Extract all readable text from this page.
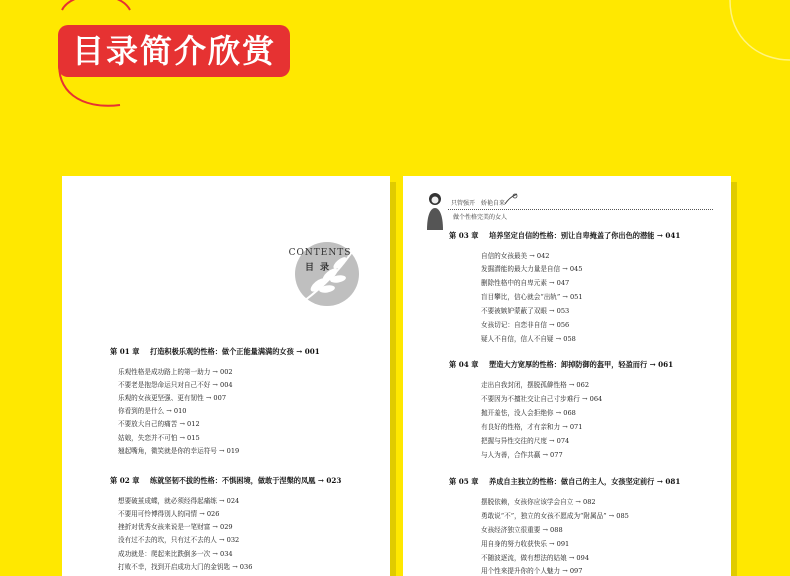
目录简介欣赏
CONTENTS
目录
第 01 章 打造积极乐观的性格：做个正能量满满的女孩 → 001
乐观性格是成功路上的第一助力 → 002
不要老是抱怨命运只对自己不好 → 004
乐观的女孩更坚强、更有韧性 → 007
你看到的是什么 → 010
不要放大自己的痛苦 → 012
姑娘，失恋并不可怕 → 015
翘起嘴角，微笑就是你的幸运符号 → 019
第 02 章 练就坚韧不拔的性格：不惧困境，做敢于涅槃的凤凰 → 023
想要破茧成蝶，就必须经得起痛练 → 024
不要用可怜博得别人的同情 → 026
挫折对优秀女孩来说是一笔财富 → 029
没有过不去的坎，只有过不去的人 → 032
成功就是：爬起来比跌倒多一次 → 034
打败不幸，找到开启成功大门的金钥匙 → 036
只管强开　娇艳自来
做个性格完美的女人
第 03 章 培养坚定自信的性格：别让自卑掩盖了你出色的潜能 → 041
自信的女孩最美 → 042
发掘潜能的最大力量是自信 → 045
删除性格中的自卑元素 → 047
盲目攀比，信心就会“出轨” → 051
不要被嫉妒蒙蔽了双眼 → 053
女孩切记：自恋非自信 → 056
疑人不自信，信人不自疑 → 058
第 04 章 塑造大方宽厚的性格：卸掉防御的盔甲，轻盈而行 → 061
走出自我封闭，摆脱孤僻性格 → 062
不要因为不擅社交让自己寸步难行 → 064
抛开羞怯，没人会拒绝你 → 068
有良好的性格，才有亲和力 → 071
把握与异性交往的尺度 → 074
与人为善，合作共赢 → 077
第 05 章 养成自主独立的性格：做自己的主人，女孩坚定前行 → 081
摆脱依赖，女孩你应该学会自立 → 082
勇敢说“不”，独立的女孩不愿成为“附属品” → 085
女孩经济独立很重要 → 088
用自身的努力收获快乐 → 091
不随波逐流，做有想法的姑娘 → 094
用个性来提升你的个人魅力 → 097
